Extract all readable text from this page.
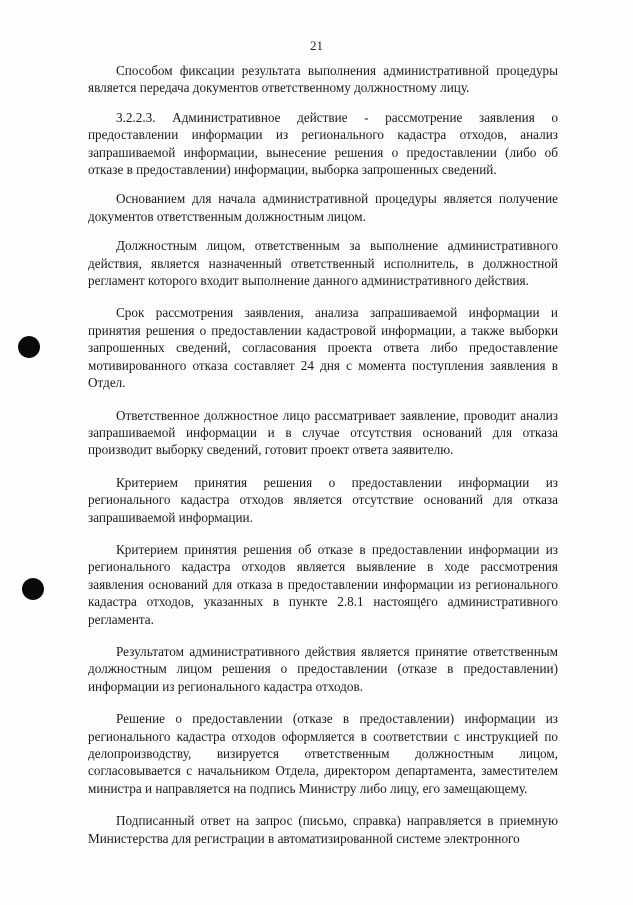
21

Способом фиксации результата выполнения административной процедуры является передача документов ответственному должностному лицу.

3.2.2.3. Административное действие - рассмотрение заявления о предоставлении информации из регионального кадастра отходов, анализ запрашиваемой информации, вынесение решения о предоставлении (либо об отказе в предоставлении) информации, выборка запрошенных сведений.

Основанием для начала административной процедуры является получение документов ответственным должностным лицом.

Должностным лицом, ответственным за выполнение административного действия, является назначенный ответственный исполнитель, в должностной регламент которого входит выполнение данного административного действия.

Срок рассмотрения заявления, анализа запрашиваемой информации и принятия решения о предоставлении кадастровой информации, а также выборки запрошенных сведений, согласования проекта ответа либо предоставление мотивированного отказа составляет 24 дня с момента поступления заявления в Отдел.

Ответственное должностное лицо рассматривает заявление, проводит анализ запрашиваемой информации и в случае отсутствия оснований для отказа производит выборку сведений, готовит проект ответа заявителю.

Критерием принятия решения о предоставлении информации из регионального кадастра отходов является отсутствие оснований для отказа запрашиваемой информации.

Критерием принятия решения об отказе в предоставлении информации из регионального кадастра отходов является выявление в ходе рассмотрения заявления оснований для отказа в предоставлении информации из регионального кадастра отходов, указанных в пункте 2.8.1 настоящего административного регламента.

Результатом административного действия является принятие ответственным должностным лицом решения о предоставлении (отказе в предоставлении) информации из регионального кадастра отходов.

Решение о предоставлении (отказе в предоставлении) информации из регионального кадастра отходов оформляется в соответствии с инструкцией по делопроизводству, визируется ответственным должностным лицом, согласовывается с начальником Отдела, директором департамента, заместителем министра и направляется на подпись Министру либо лицу, его замещающему.

Подписанный ответ на запрос (письмо, справка) направляется в приемную Министерства для регистрации в автоматизированной системе электронного
